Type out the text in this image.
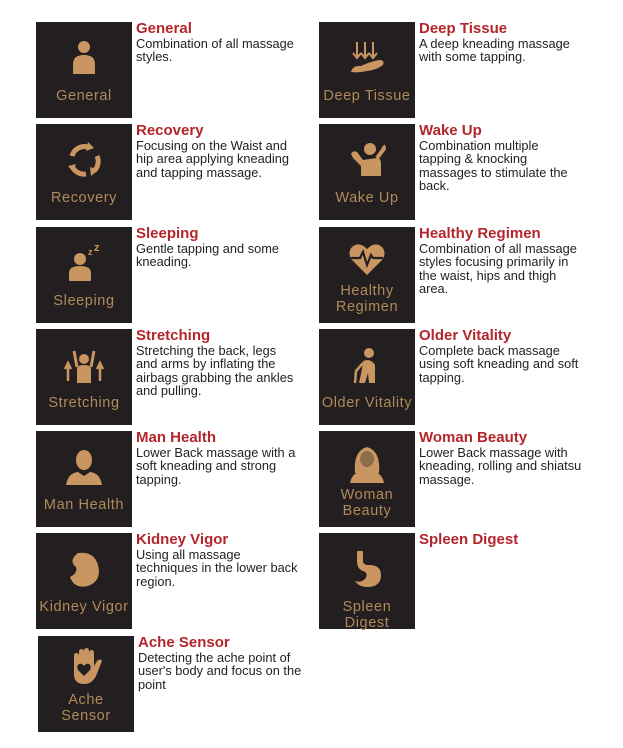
General
General
Combination of all massage styles.
Deep Tissue
Deep Tissue
A deep kneading massage with some tapping.
Recovery
Recovery
Focusing on the Waist and hip area applying kneading and tapping massage.
Wake Up
Wake Up
Combination multiple tapping & knocking massages to stimulate the back.
z z
Sleeping
Sleeping
Gentle tapping and some kneading.
Healthy
Regimen
Healthy Regimen
Combination of all massage styles focusing primarily in the waist, hips and thigh area.
Stretching
Stretching
Stretching the back, legs and arms by inflating the airbags grabbing the ankles and pulling.
Older Vitality
Older Vitality
Complete back massage using soft kneading and soft tapping.
Man Health
Man Health
Lower Back massage with a soft kneading and strong tapping.
Woman
Beauty
Woman Beauty
Lower Back massage with kneading, rolling and shiatsu massage.
Kidney Vigor
Kidney Vigor
Using all massage techniques in the lower back region.
Spleen Digest
Spleen Digest
Ache
Sensor
Ache Sensor
Detecting the ache point of user's body and focus on the point
